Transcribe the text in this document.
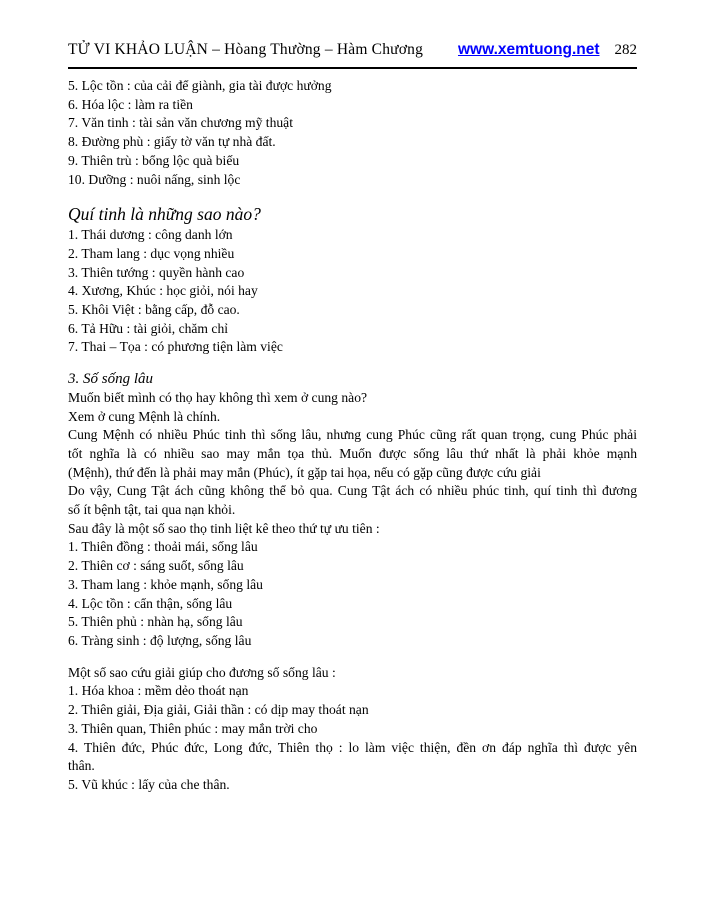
TỬ VI KHẢO LUẬN – Hòang Thường – Hàm Chương www.xemtuong.net 282
5. Lộc tồn : của cải để giành, gia tài được hưởng
6. Hóa lộc : làm ra tiền
7. Văn tinh : tài sản văn chương mỹ thuật
8. Đường phù : giấy tờ văn tự nhà đất.
9. Thiên trù : bổng lộc quà biếu
10. Dưỡng : nuôi nấng, sinh lộc
Quí tinh là những sao nào?
1. Thái dương : công danh lớn
2. Tham lang : dục vọng nhiều
3. Thiên tướng : quyền hành cao
4. Xương, Khúc : học giỏi, nói hay
5. Khôi Việt : bằng cấp, đỗ cao.
6. Tả Hữu : tài giỏi, chăm chỉ
7. Thai – Tọa : có phương tiện làm việc
3. Số sống lâu
Muốn biết mình có thọ hay không thì xem ở cung nào?
Xem ở cung Mệnh là chính.
Cung Mệnh có nhiều Phúc tinh thì sống lâu, nhưng cung Phúc cũng rất quan trọng, cung Phúc phải
tốt nghĩa là có nhiều sao may mắn tọa thủ. Muốn được sống lâu thứ nhất là phải khỏe mạnh
(Mệnh), thứ đến là phải may mắn (Phúc), ít gặp tai họa, nếu có gặp cũng được cứu giải
Do vậy, Cung Tật ách cũng không thể bỏ qua. Cung Tật ách có nhiều phúc tinh, quí tinh thì đương
số ít bệnh tật, tai qua nạn khỏi.
Sau đây là một số sao thọ tinh liệt kê theo thứ tự ưu tiên :
1. Thiên đồng : thoải mái, sống lâu
2. Thiên cơ : sáng suốt, sống lâu
3. Tham lang : khỏe mạnh, sống lâu
4. Lộc tồn : cẩn thận, sống lâu
5. Thiên phủ : nhàn hạ, sống lâu
6. Tràng sinh : độ lượng, sống lâu
Một số sao cứu giải giúp cho đương số sống lâu :
1. Hóa khoa : mềm dẻo thoát nạn
2. Thiên giải, Địa giải, Giải thần : có dịp may thoát nạn
3. Thiên quan, Thiên phúc : may mắn trời cho
4. Thiên đức, Phúc đức, Long đức, Thiên thọ : lo làm việc thiện, đền ơn đáp nghĩa thì được yên
thân.
5. Vũ khúc : lấy của che thân.
